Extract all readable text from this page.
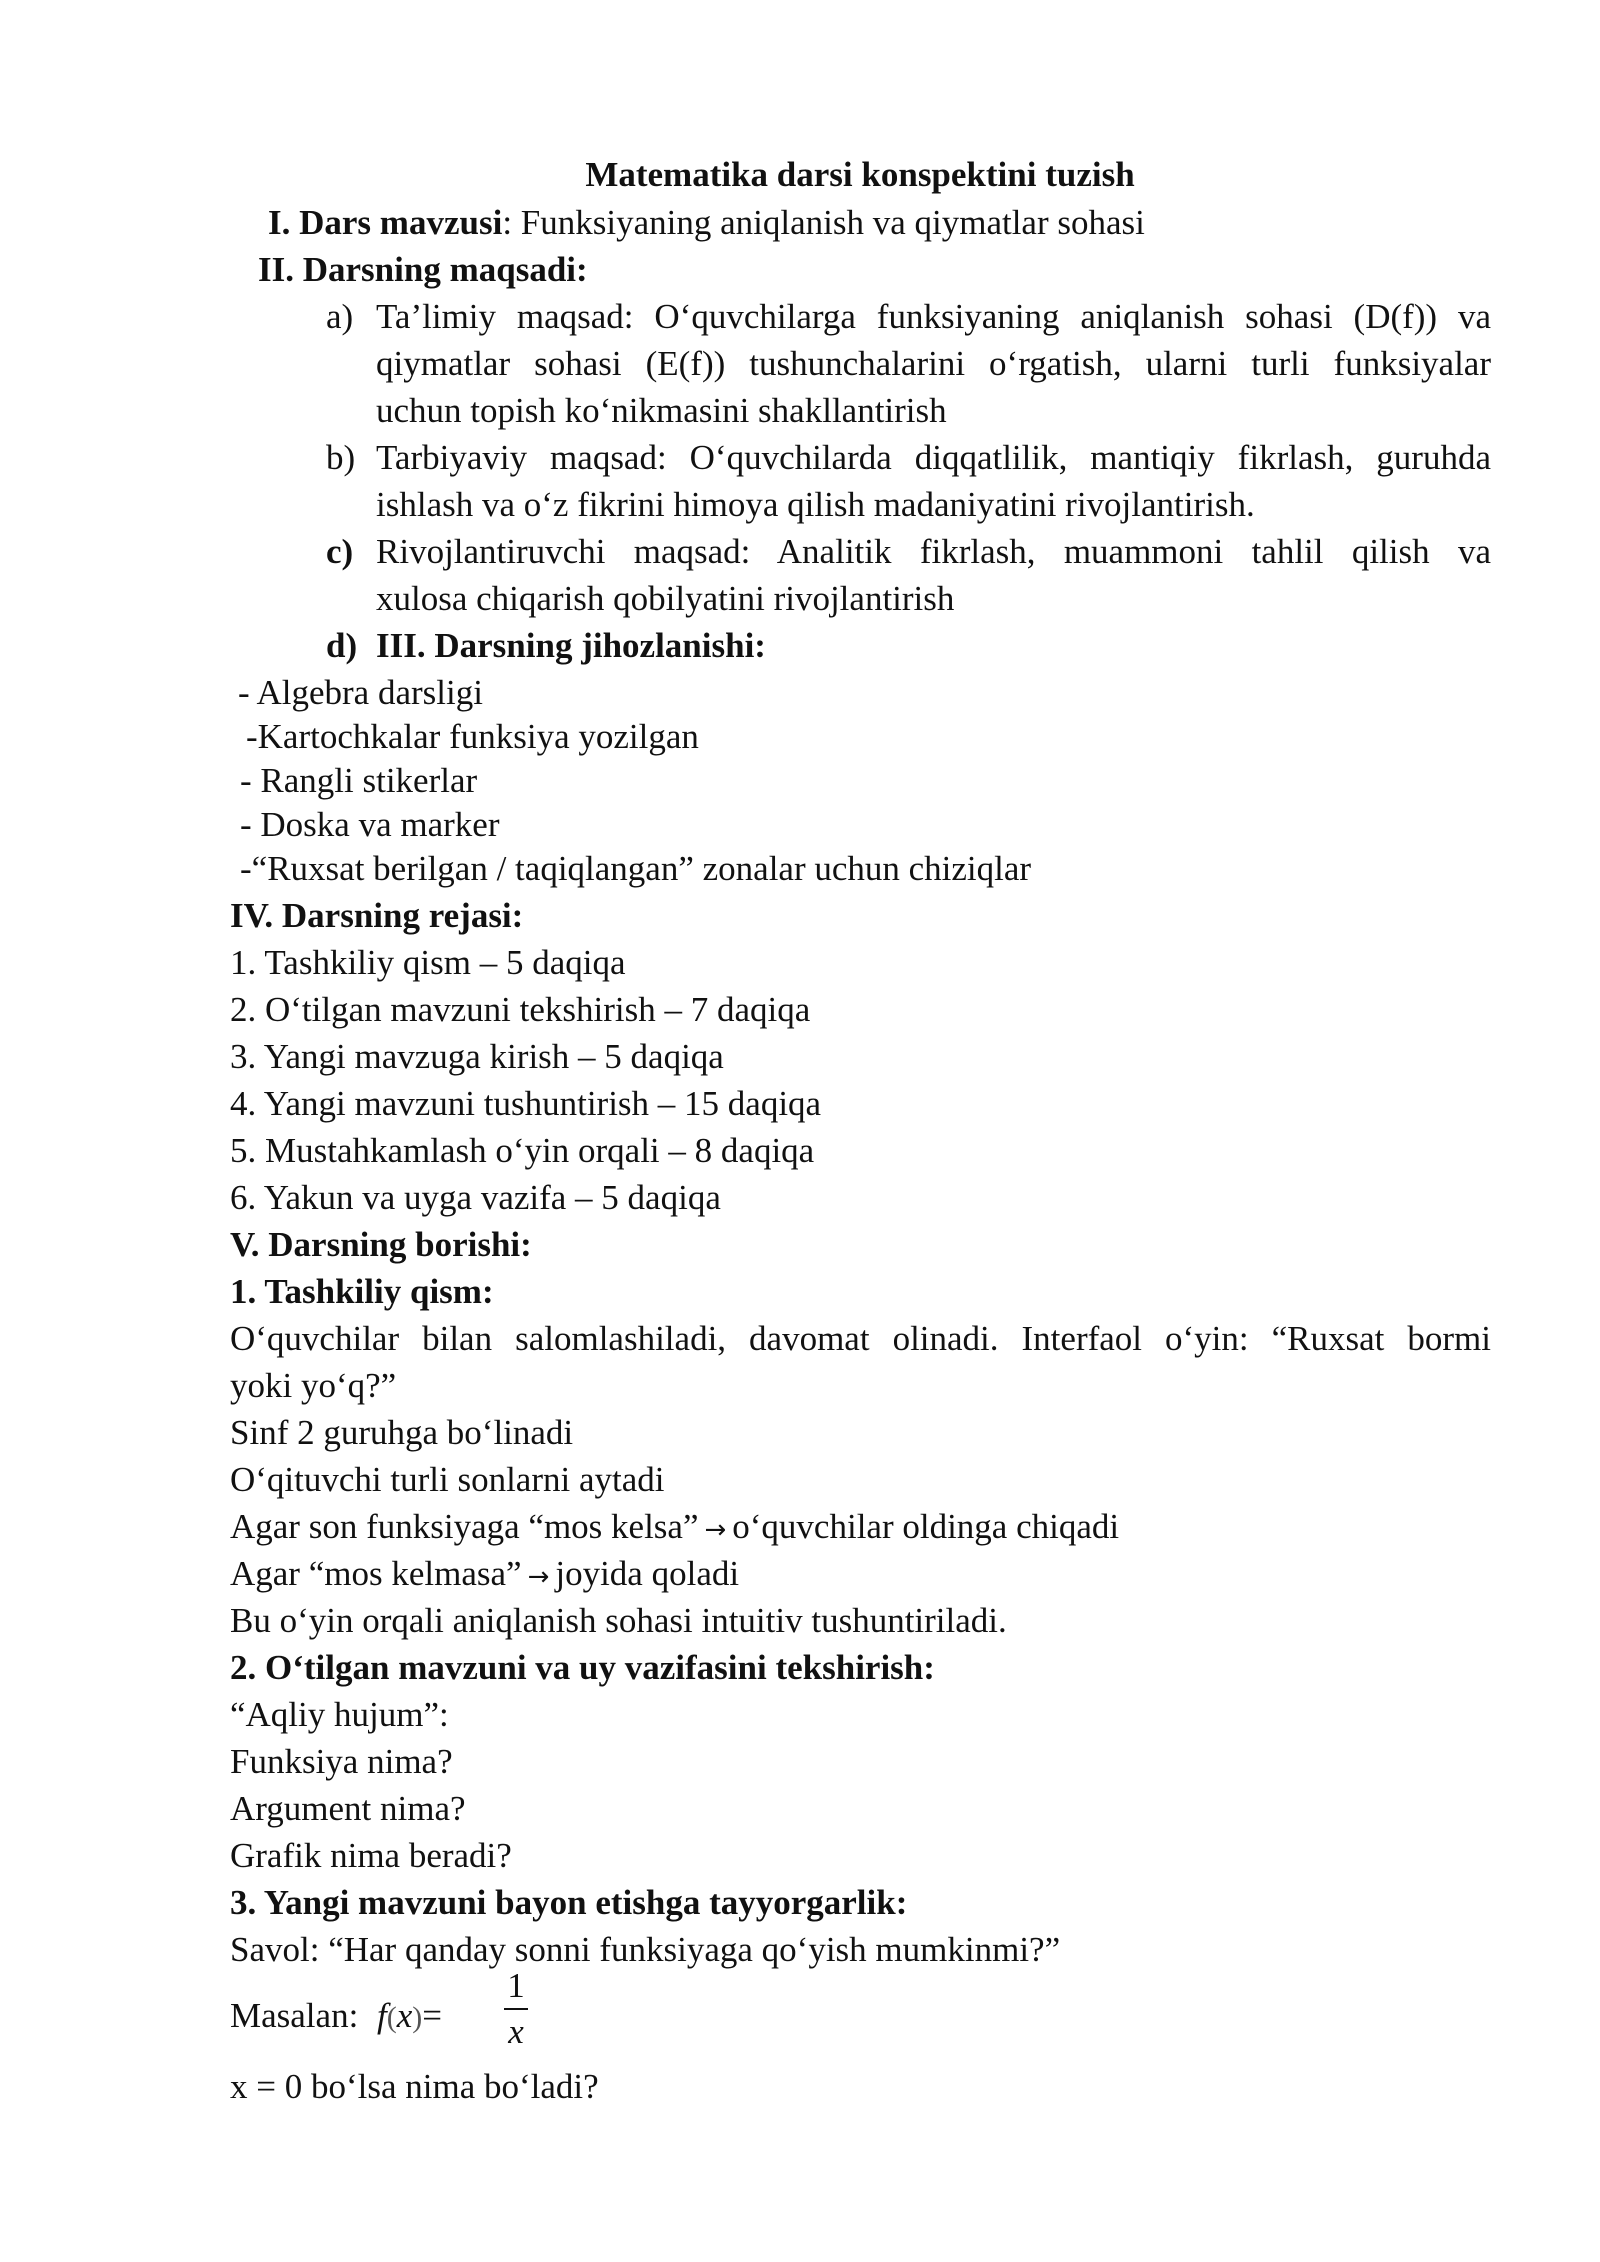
Matematika darsi konspektini tuzish
I. Dars mavzusi: Funksiyaning aniqlanish va qiymatlar sohasi
II. Darsning maqsadi:
a) Ta’limiy maqsad: O‘quvchilarga funksiyaning aniqlanish sohasi (D(f)) va
qiymatlar sohasi (E(f)) tushunchalarini o‘rgatish, ularni turli funksiyalar
uchun topish ko‘nikmasini shakllantirish
b) Tarbiyaviy maqsad: O‘quvchilarda diqqatlilik, mantiqiy fikrlash, guruhda
ishlash va o‘z fikrini himoya qilish madaniyatini rivojlantirish.
c) Rivojlantiruvchi maqsad: Analitik fikrlash, muammoni tahlil qilish va
xulosa chiqarish qobilyatini rivojlantirish
d) III. Darsning jihozlanishi:
- Algebra darsligi
-Kartochkalar funksiya yozilgan
- Rangli stikerlar
- Doska va marker
-“Ruxsat berilgan / taqiqlangan” zonalar uchun chiziqlar
IV. Darsning rejasi:
1. Tashkiliy qism – 5 daqiqa
2. O‘tilgan mavzuni tekshirish – 7 daqiqa
3. Yangi mavzuga kirish – 5 daqiqa
4. Yangi mavzuni tushuntirish – 15 daqiqa
5. Mustahkamlash o‘yin orqali – 8 daqiqa
6. Yakun va uyga vazifa – 5 daqiqa
V. Darsning borishi:
1. Tashkiliy qism:
O‘quvchilar bilan salomlashiladi, davomat olinadi. Interfaol o‘yin: “Ruxsat bormi
yoki yo‘q?”
Sinf 2 guruhga bo‘linadi
O‘qituvchi turli sonlarni aytadi
Agar son funksiyaga “mos kelsa” → o‘quvchilar oldinga chiqadi
Agar “mos kelmasa” → joyida qoladi
Bu o‘yin orqali aniqlanish sohasi intuitiv tushuntiriladi.
2. O‘tilgan mavzuni va uy vazifasini tekshirish:
“Aqliy hujum”:
Funksiya nima?
Argument nima?
Grafik nima beradi?
3. Yangi mavzuni bayon etishga tayyorgarlik:
Savol: “Har qanday sonni funksiyaga qo‘yish mumkinmi?”
Masalan: f(x)=
1
x
x = 0 bo‘lsa nima bo‘ladi?
